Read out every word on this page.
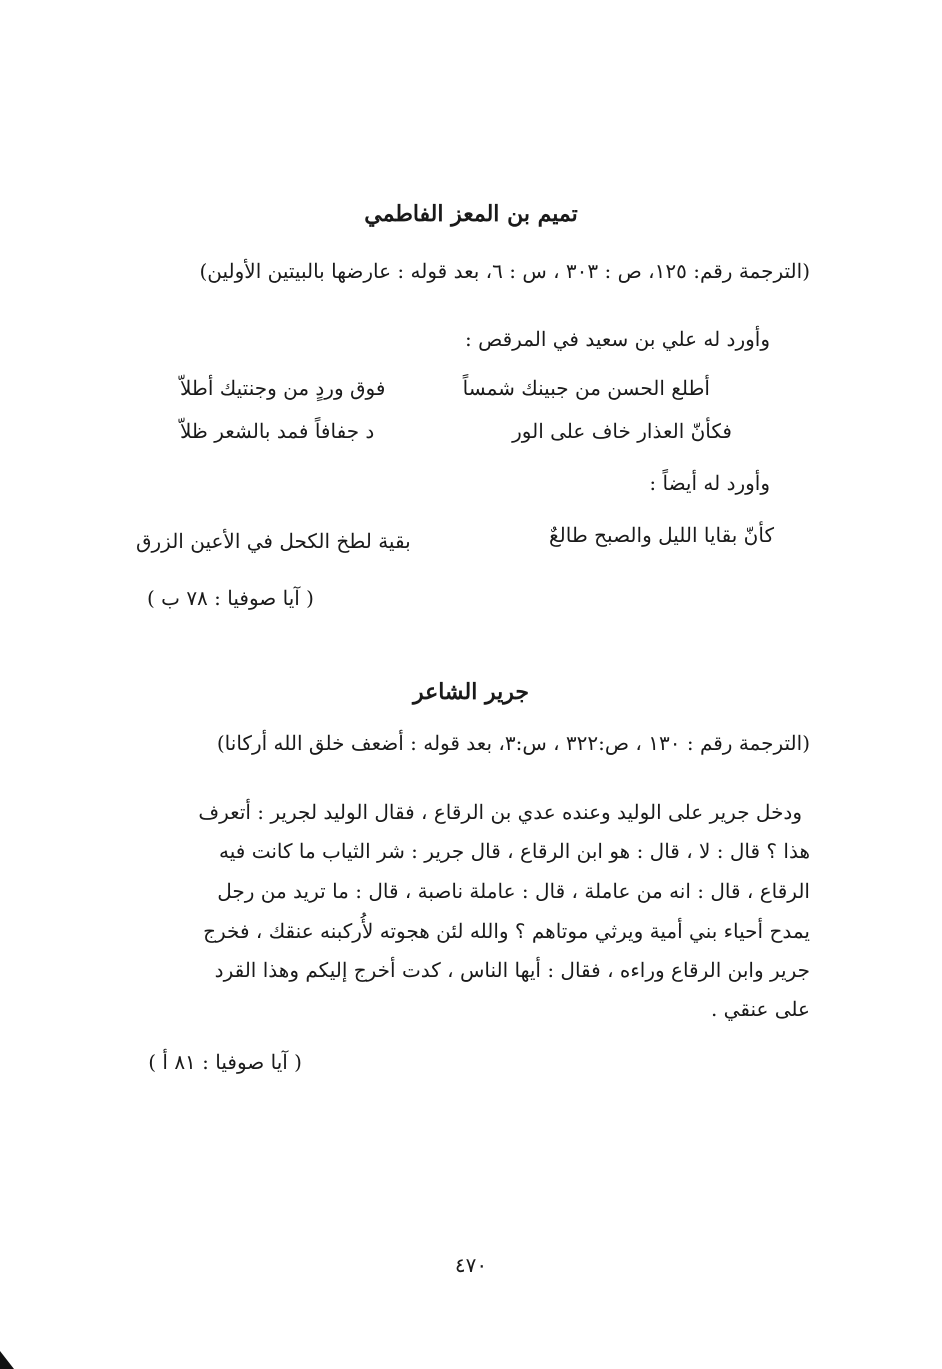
تميم بن المعز الفاطمي
(الترجمة رقم: ١٢٥، ص : ٣٠٣ ، س : ٦، بعد قوله : عارضها بالبيتين الأولين)
وأورد له علي بن سعيد في المرقص :
أطلع الحسن من جبينك شمساً
فوق وردٍ من وجنتيك أطلاّ
فكأنّ العذار خاف على الور
د جفافاً فمد بالشعر ظلاّ
وأورد له أيضاً :
كأنّ بقايا الليل والصبح طالعٌ
بقية لطخ الكحل في الأعين الزرق
( آيا صوفيا : ٧٨ ب )
جرير الشاعر
(الترجمة رقم : ١٣٠ ، ص:٣٢٢ ، س:٣، بعد قوله : أضعف خلق الله أركانا)
ودخل جرير على الوليد وعنده عدي بن الرقاع ، فقال الوليد لجرير : أتعرف
هذا ؟ قال : لا ، قال : هو ابن الرقاع ، قال جرير : شر الثياب ما كانت فيه
الرقاع ، قال : انه من عاملة ، قال : عاملة ناصبة ، قال : ما تريد من رجل
يمدح أحياء بني أمية ويرثي موتاهم ؟ والله لئن هجوته لأُركبنه عنقك ، فخرج
جرير وابن الرقاع وراءه ، فقال : أيها الناس ، كدت أخرج إليكم وهذا القرد
على عنقي .
( آيا صوفيا : ٨١ أ )
٤٧٠
